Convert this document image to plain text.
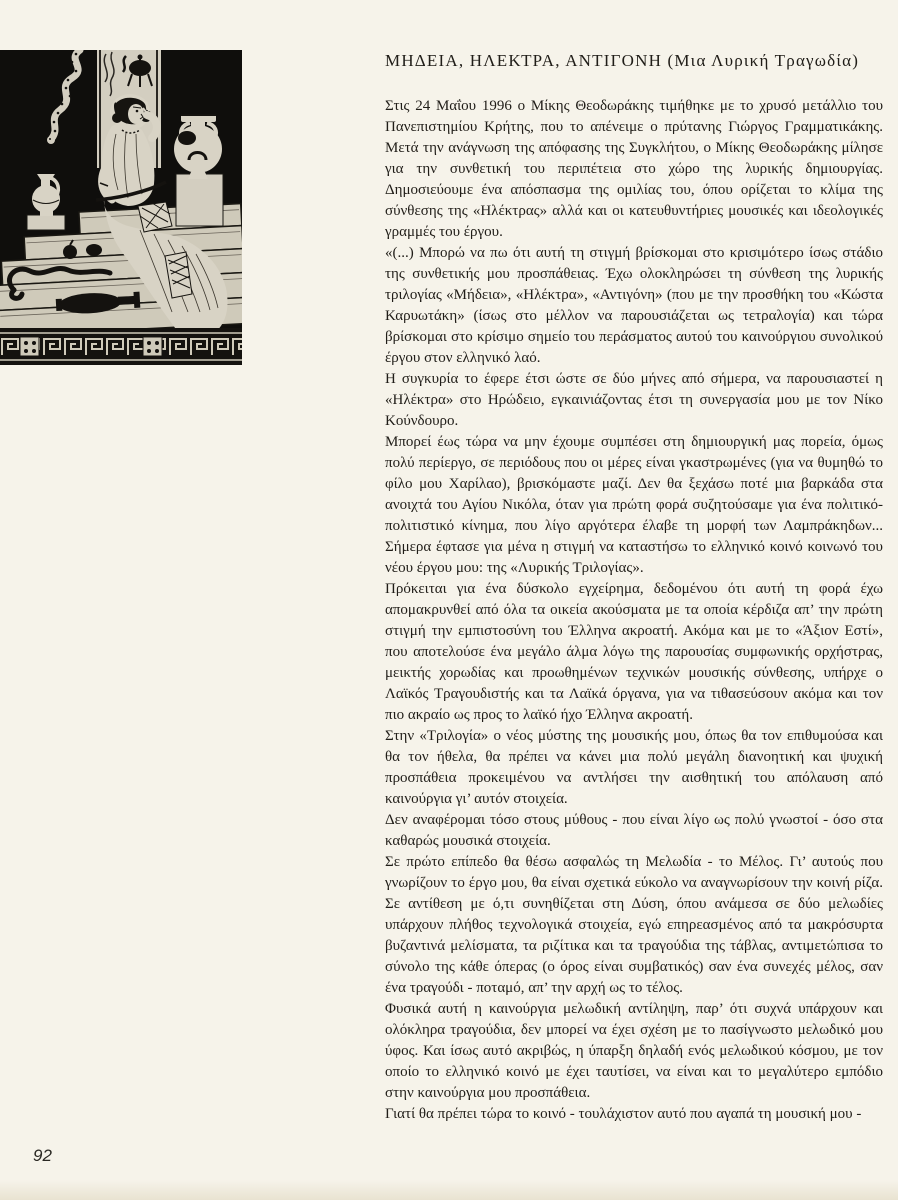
ΜΗΔΕΙΑ, ΗΛΕΚΤΡΑ, ΑΝΤΙΓΟΝΗ (Μια Λυρική Τραγωδία)

Στις 24 Μαΐου 1996 ο Μίκης Θεοδωράκης τιμήθηκε με το χρυσό μετάλλιο του Πανεπιστημίου Κρήτης, που το απένειμε ο πρύτανης Γιώργος Γραμματικάκης. Μετά την ανάγνωση της απόφασης της Συγκλήτου, ο Μίκης Θεοδωράκης μίλησε για την συνθετική του περιπέτεια στο χώρο της λυρικής δημιουργίας. Δημοσιεύουμε ένα απόσπασμα της ομιλίας του, όπου ορίζεται το κλίμα της σύνθεσης της «Ηλέκτρας» αλλά και οι κατευθυντήριες μουσικές και ιδεολογικές γραμμές του έργου.

«(...) Μπορώ να πω ότι αυτή τη στιγμή βρίσκομαι στο κρισιμότερο ίσως στάδιο της συνθετικής μου προσπάθειας. Έχω ολοκληρώσει τη σύνθεση της λυρικής τριλογίας «Μήδεια», «Ηλέκτρα», «Αντιγόνη» (που με την προσθήκη του «Κώστα Καρυωτάκη» (ίσως στο μέλλον να παρουσιάζεται ως τετραλογία) και τώρα βρίσκομαι στο κρίσιμο σημείο του περάσματος αυτού του καινούργιου συνολικού έργου στον ελληνικό λαό.

Η συγκυρία το έφερε έτσι ώστε σε δύο μήνες από σήμερα, να παρουσιαστεί η «Ηλέκτρα» στο Ηρώδειο, εγκαινιάζοντας έτσι τη συνεργασία μου με τον Νίκο Κούνδουρο.

Μπορεί έως τώρα να μην έχουμε συμπέσει στη δημιουργική μας πορεία, όμως πολύ περίεργο, σε περιόδους που οι μέρες είναι γκαστρωμένες (για να θυμηθώ το φίλο μου Χαρίλαο), βρισκόμαστε μαζί. Δεν θα ξεχάσω ποτέ μια βαρκάδα στα ανοιχτά του Αγίου Νικόλα, όταν για πρώτη φορά συζητούσαμε για ένα πολιτικό-πολιτιστικό κίνημα, που λίγο αργότερα έλαβε τη μορφή των Λαμπράκηδων... Σήμερα έφτασε για μένα η στιγμή να καταστήσω το ελληνικό κοινό κοινωνό του νέου έργου μου: της «Λυρικής Τριλογίας».

Πρόκειται για ένα δύσκολο εγχείρημα, δεδομένου ότι αυτή τη φορά έχω απομακρυνθεί από όλα τα οικεία ακούσματα με τα οποία κέρδιζα απ’ την πρώτη στιγμή την εμπιστοσύνη του Έλληνα ακροατή. Ακόμα και με το «Άξιον Εστί», που αποτελούσε ένα μεγάλο άλμα λόγω της παρουσίας συμφωνικής ορχήστρας, μεικτής χορωδίας και προωθημένων τεχνικών μουσικής σύνθεσης, υπήρχε ο Λαϊκός Τραγουδιστής και τα Λαϊκά όργανα, για να τιθασεύσουν ακόμα και τον πιο ακραίο ως προς το λαϊκό ήχο Έλληνα ακροατή.

Στην «Τριλογία» ο νέος μύστης της μουσικής μου, όπως θα τον επιθυμούσα και θα τον ήθελα, θα πρέπει να κάνει μια πολύ μεγάλη διανοητική και ψυχική προσπάθεια προκειμένου να αντλήσει την αισθητική του απόλαυση από καινούργια γι’ αυτόν στοιχεία.

Δεν αναφέρομαι τόσο στους μύθους - που είναι λίγο ως πολύ γνωστοί - όσο στα καθαρώς μουσικά στοιχεία.

Σε πρώτο επίπεδο θα θέσω ασφαλώς τη Μελωδία - το Μέλος. Γι’ αυτούς που γνωρίζουν το έργο μου, θα είναι σχετικά εύκολο να αναγνωρίσουν την κοινή ρίζα. Σε αντίθεση με ό,τι συνηθίζεται στη Δύση, όπου ανάμεσα σε δύο μελωδίες υπάρχουν πλήθος τεχνολογικά στοιχεία, εγώ επηρεασμένος από τα μακρόσυρτα βυζαντινά μελίσματα, τα ριζίτικα και τα τραγούδια της τάβλας, αντιμετώπισα το σύνολο της κάθε όπερας (ο όρος είναι συμβατικός) σαν ένα συνεχές μέλος, σαν ένα τραγούδι - ποταμό, απ’ την αρχή ως το τέλος.

Φυσικά αυτή η καινούργια μελωδική αντίληψη, παρ’ ότι συχνά υπάρχουν και ολόκληρα τραγούδια, δεν μπορεί να έχει σχέση με το πασίγνωστο μελωδικό μου ύφος. Και ίσως αυτό ακριβώς, η ύπαρξη δηλαδή ενός μελωδικού κόσμου, με τον οποίο το ελληνικό κοινό με έχει ταυτίσει, να είναι και το μεγαλύτερο εμπόδιο στην καινούργια μου προσπάθεια.

Γιατί θα πρέπει τώρα το κοινό - τουλάχιστον αυτό που αγαπά τη μουσική μου -

92
